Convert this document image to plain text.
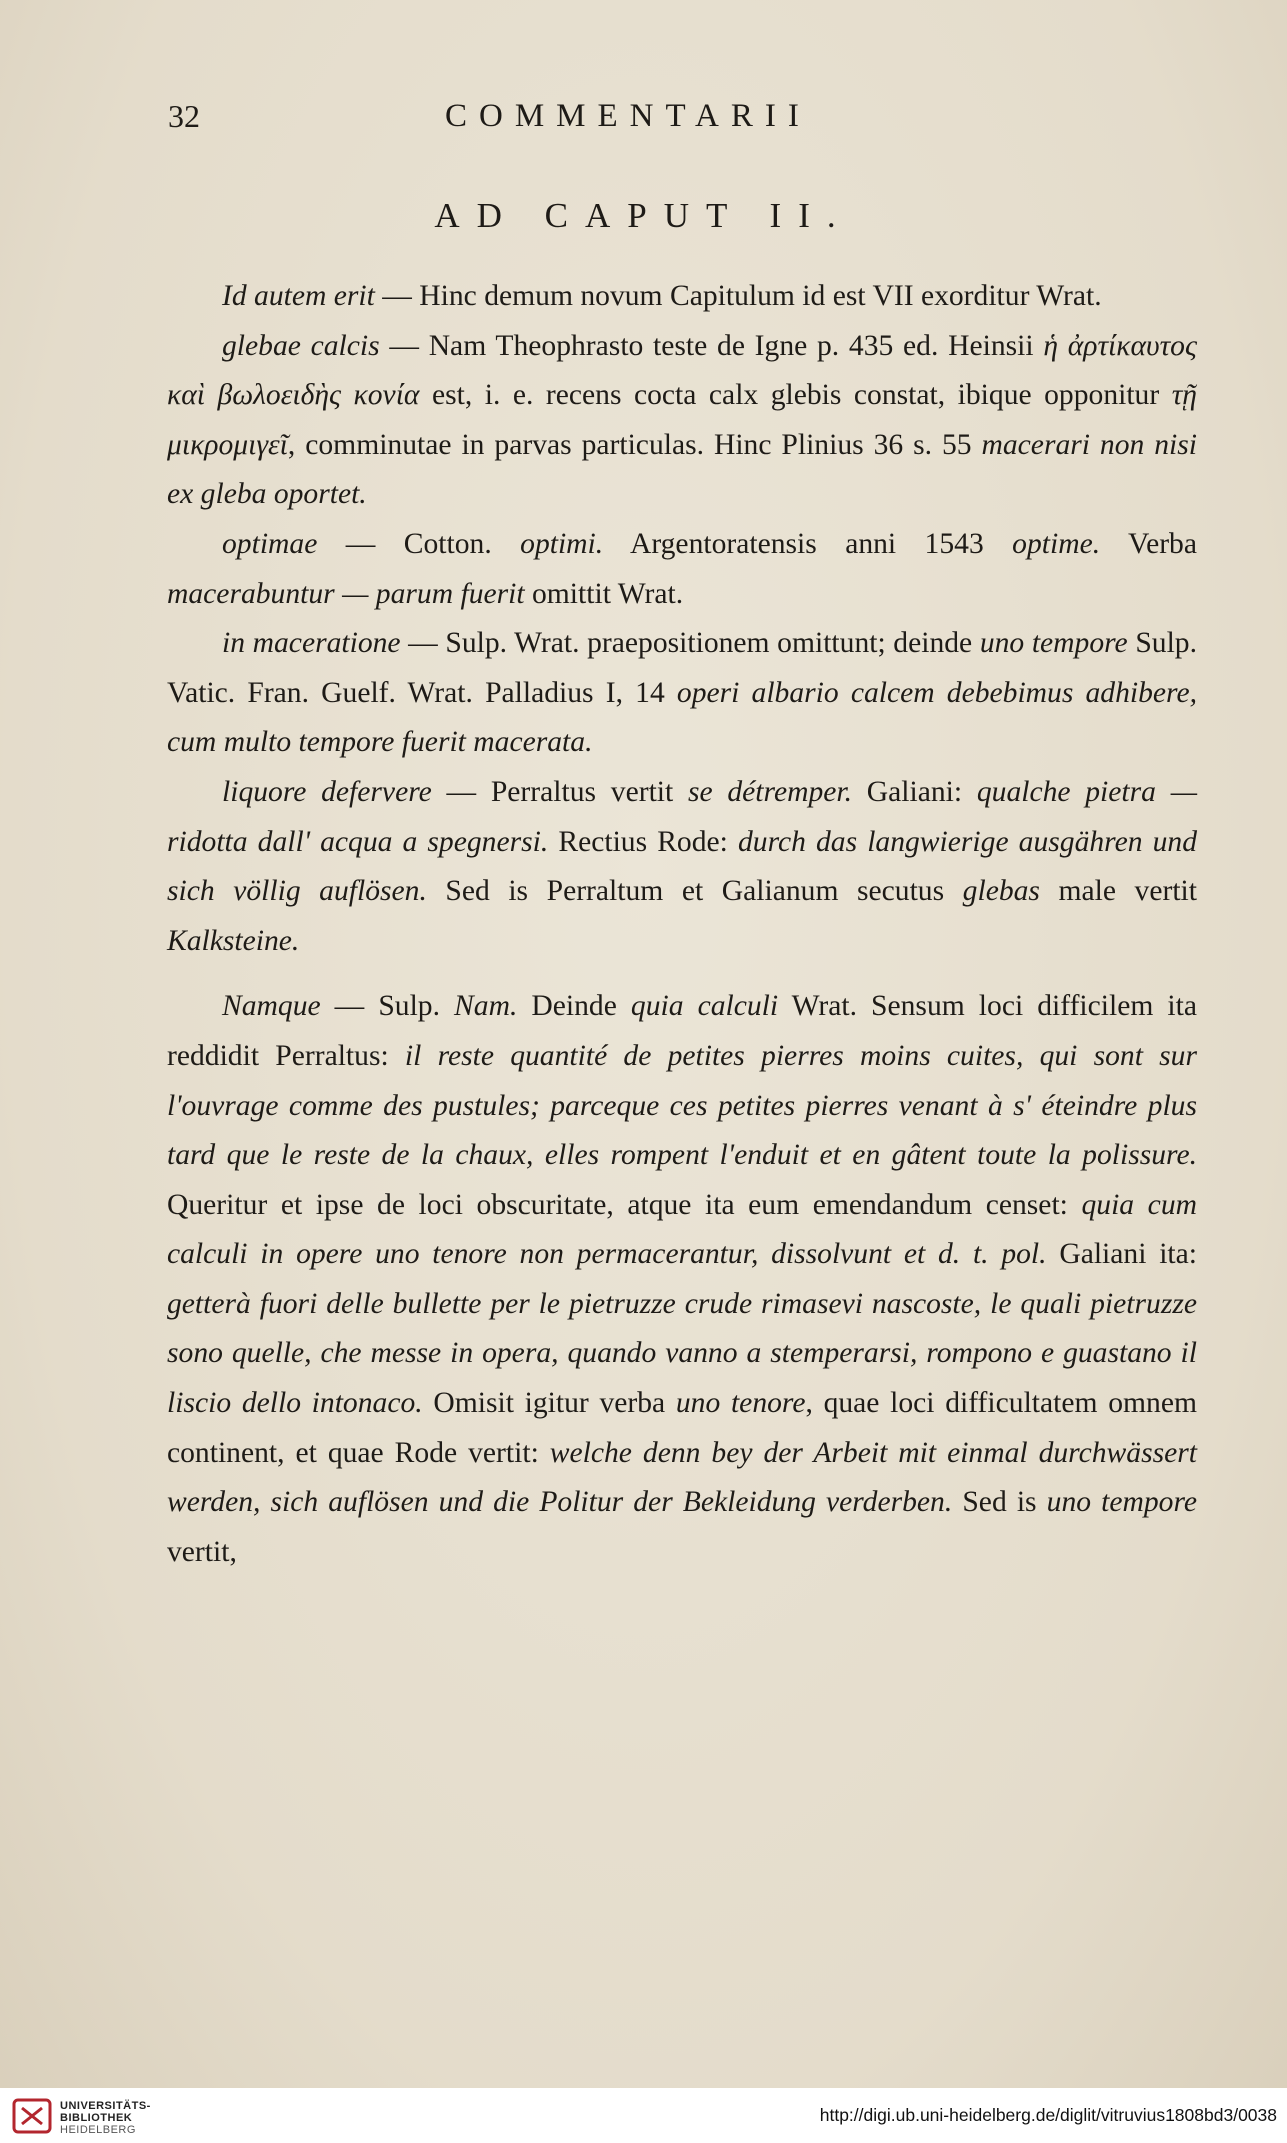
32	COMMENTARII
AD CAPUT II.

Id autem erit — Hinc demum novum Capitulum id est VII exorditur Wrat.

glebae calcis — Nam Theophrasto teste de Igne p. 435 ed. Heinsii ἡ ἀρτίκαυτος καὶ βωλοειδὴς κονία est, i. e. recens cocta calx glebis constat, ibique opponitur τῇ μικρομιγεῖ, comminutae in parvas particulas. Hinc Plinius 36 s. 55 macerari non nisi ex gleba oportet.

optimae — Cotton. optimi. Argentoratensis anni 1543 optime. Verba macerabuntur — parum fuerit omittit Wrat.

in maceratione — Sulp. Wrat. praepositionem omittunt; deinde uno tempore Sulp. Vatic. Fran. Guelf. Wrat. Palladius I, 14 operi albario calcem debebimus adhibere, cum multo tempore fuerit macerata.

liquore defervere — Perraltus vertit se détremper. Galiani: qualche pietra — ridotta dall' acqua a spegnersi. Rectius Rode: durch das langwierige ausgähren und sich völlig auflösen. Sed is Perraltum et Galianum secutus glebas male vertit Kalksteine.

Namque — Sulp. Nam. Deinde quia calculi Wrat. Sensum loci difficilem ita reddidit Perraltus: il reste quantité de petites pierres moins cuites, qui sont sur l'ouvrage comme des pustules; parceque ces petites pierres venant à s' éteindre plus tard que le reste de la chaux, elles rompent l'enduit et en gâtent toute la polissure. Queritur et ipse de loci obscuritate, atque ita eum emendandum censet: quia cum calculi in opere uno tenore non permacerantur, dissolvunt et d. t. pol. Galiani ita: getterà fuori delle bullette per le pietruzze crude rimasevi nascoste, le quali pietruzze sono quelle, che messe in opera, quando vanno a stemperarsi, rompono e guastano il liscio dello intonaco. Omisit igitur verba uno tenore, quae loci difficultatem omnem continent, et quae Rode vertit: welche denn bey der Arbeit mit einmal durchwässert werden, sich auflösen und die Politur der Bekleidung verderben. Sed is uno tempore vertit,

UNIVERSITÄTS-
BIBLIOTHEK
HEIDELBERG
http://digi.ub.uni-heidelberg.de/diglit/vitruvius1808bd3/0038
